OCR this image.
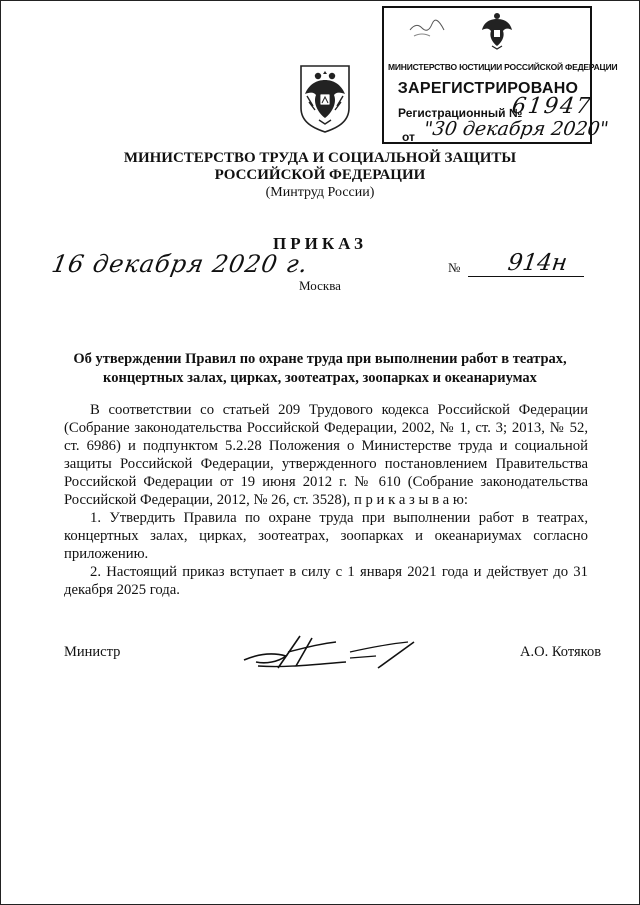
МИНИСТЕРСТВО ЮСТИЦИИ РОССИЙСКОЙ ФЕДЕРАЦИИ
ЗАРЕГИСТРИРОВАНО
Регистрационный №
61947
от "30 декабря 2020"
МИНИСТЕРСТВО ТРУДА И СОЦИАЛЬНОЙ ЗАЩИТЫ
РОССИЙСКОЙ ФЕДЕРАЦИИ
(Минтруд России)
ПРИКАЗ
16 декабря 2020 г.	№ 914н
Москва
Об утверждении Правил по охране труда при выполнении работ в театрах,
концертных залах, цирках, зоотеатрах, зоопарках и океанариумах

В соответствии со статьей 209 Трудового кодекса Российской Федерации (Собрание законодательства Российской Федерации, 2002, № 1, ст. 3; 2013, № 52, ст. 6986) и подпунктом 5.2.28 Положения о Министерстве труда и социальной защиты Российской Федерации, утвержденного постановлением Правительства Российской Федерации от 19 июня 2012 г. № 610 (Собрание законодательства Российской Федерации, 2012, № 26, ст. 3528), п р и к а з ы в а ю:

1. Утвердить Правила по охране труда при выполнении работ в театрах, концертных залах, цирках, зоотеатрах, зоопарках и океанариумах согласно приложению.

2. Настоящий приказ вступает в силу с 1 января 2021 года и действует до 31 декабря 2025 года.

Министр	А.О. Котяков
